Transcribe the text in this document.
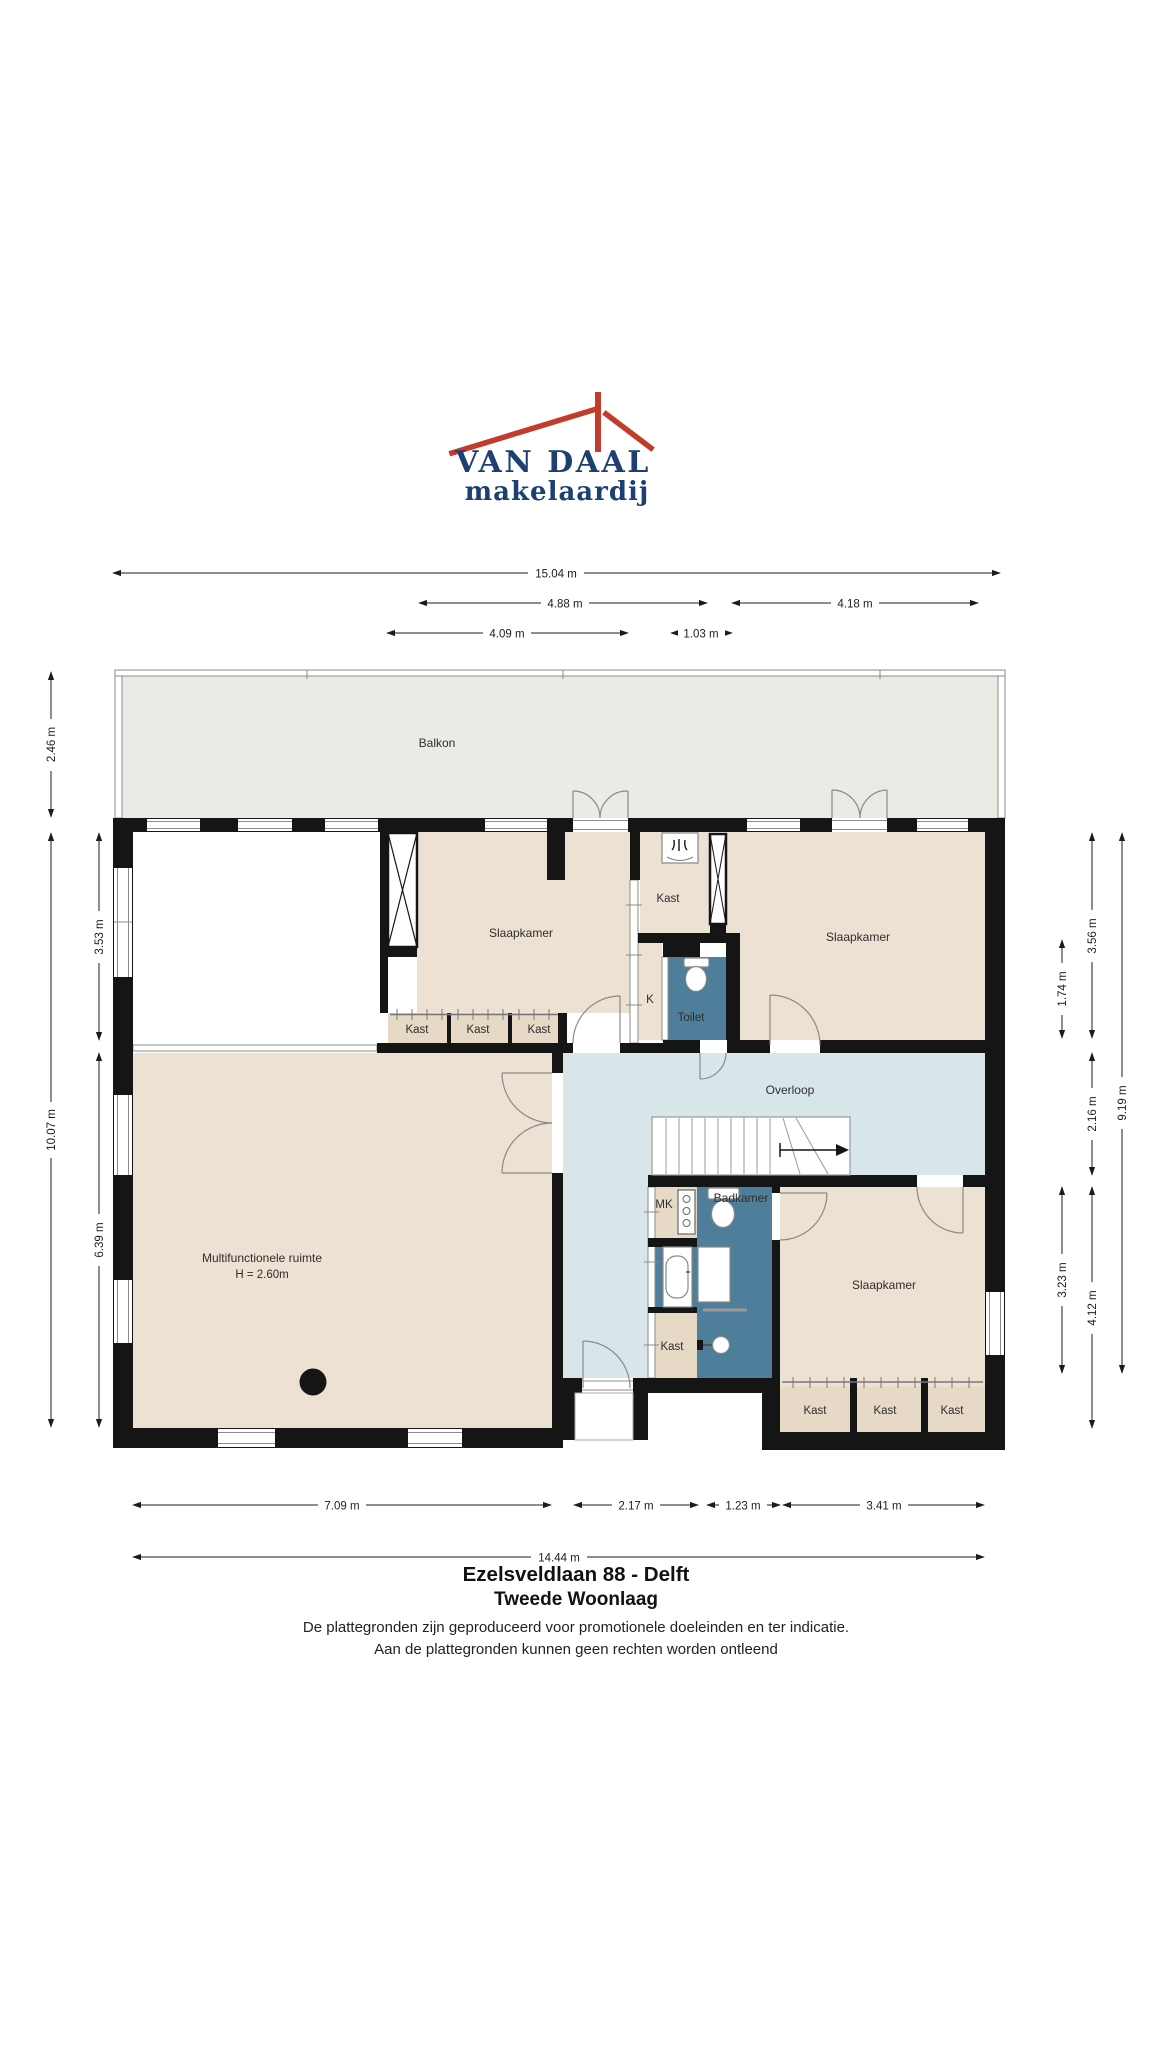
VAN DAAL
makelaardij
Balkon
Slaapkamer	Slaapkamer
Slaapkamer
Kast	Kast	Kast
Kast
Kast
Kast	Kast	Kast
K
Toilet
Overloop
MK	Badkamer
Multifunctionele ruimte
H = 2.60m
15.04 m
4.88 m	4.18 m
4.09 m	1.03 m
7.09 m	2.17 m	1.23 m	3.41 m
14.44 m
2.46 m
10.07 m
3.53 m
6.39 m
3.56 m
1.74 m
9.19 m
2.16 m
3.23 m
4.12 m
Ezelsveldlaan 88 - Delft
Tweede Woonlaag
De plattegronden zijn geproduceerd voor promotionele doeleinden en ter indicatie.
Aan de plattegronden kunnen geen rechten worden ontleend
